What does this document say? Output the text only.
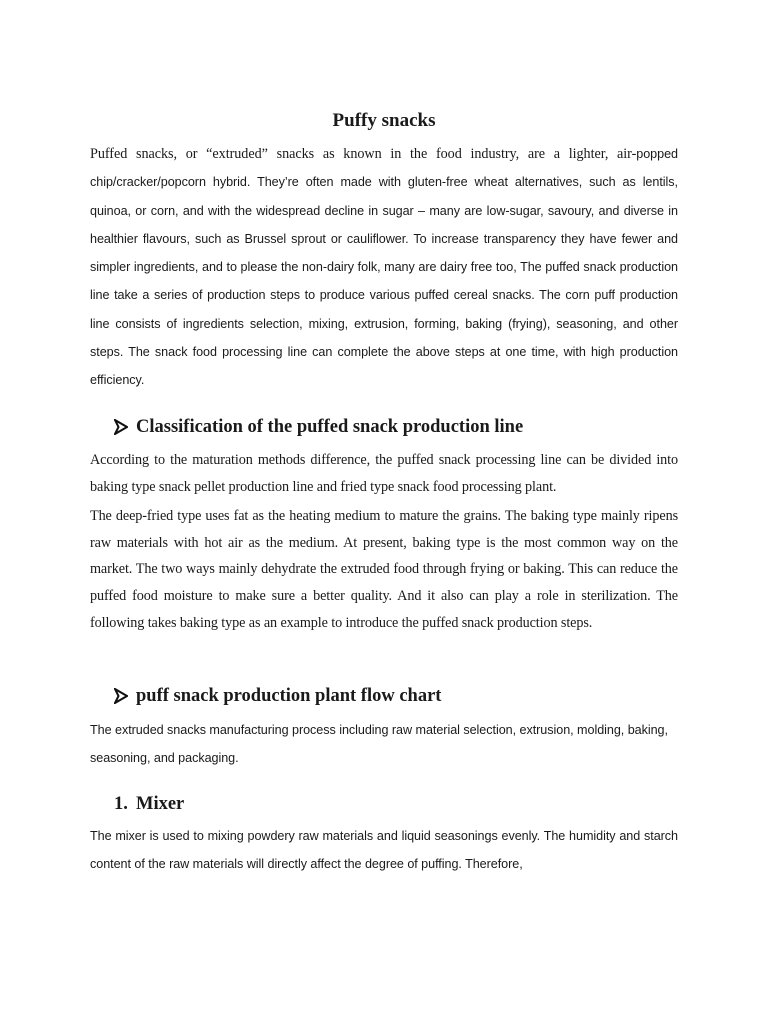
Puffy snacks

Puffed snacks, or “extruded” snacks as known in the food industry, are a lighter, air-popped chip/cracker/popcorn hybrid. They’re often made with gluten-free wheat alternatives, such as lentils, quinoa, or corn, and with the widespread decline in sugar – many are low-sugar, savoury, and diverse in healthier flavours, such as Brussel sprout or cauliflower. To increase transparency they have fewer and simpler ingredients, and to please the non-dairy folk, many are dairy free too, The puffed snack production line take a series of production steps to produce various puffed cereal snacks. The corn puff production line consists of ingredients selection, mixing, extrusion, forming, baking (frying), seasoning, and other steps. The snack food processing line can complete the above steps at one time, with high production efficiency.

Classification of the puffed snack production line

According to the maturation methods difference, the puffed snack processing line can be divided into baking type snack pellet production line and fried type snack food processing plant.

The deep-fried type uses fat as the heating medium to mature the grains. The baking type mainly ripens raw materials with hot air as the medium. At present, baking type is the most common way on the market. The two ways mainly dehydrate the extruded food through frying or baking. This can reduce the puffed food moisture to make sure a better quality. And it also can play a role in sterilization. The following takes baking type as an example to introduce the puffed snack production steps.

puff snack production plant flow chart

The extruded snacks manufacturing process including raw material selection, extrusion, molding, baking, seasoning, and packaging.

1. Mixer

The mixer is used to mixing powdery raw materials and liquid seasonings evenly. The humidity and starch content of the raw materials will directly affect the degree of puffing. Therefore,
